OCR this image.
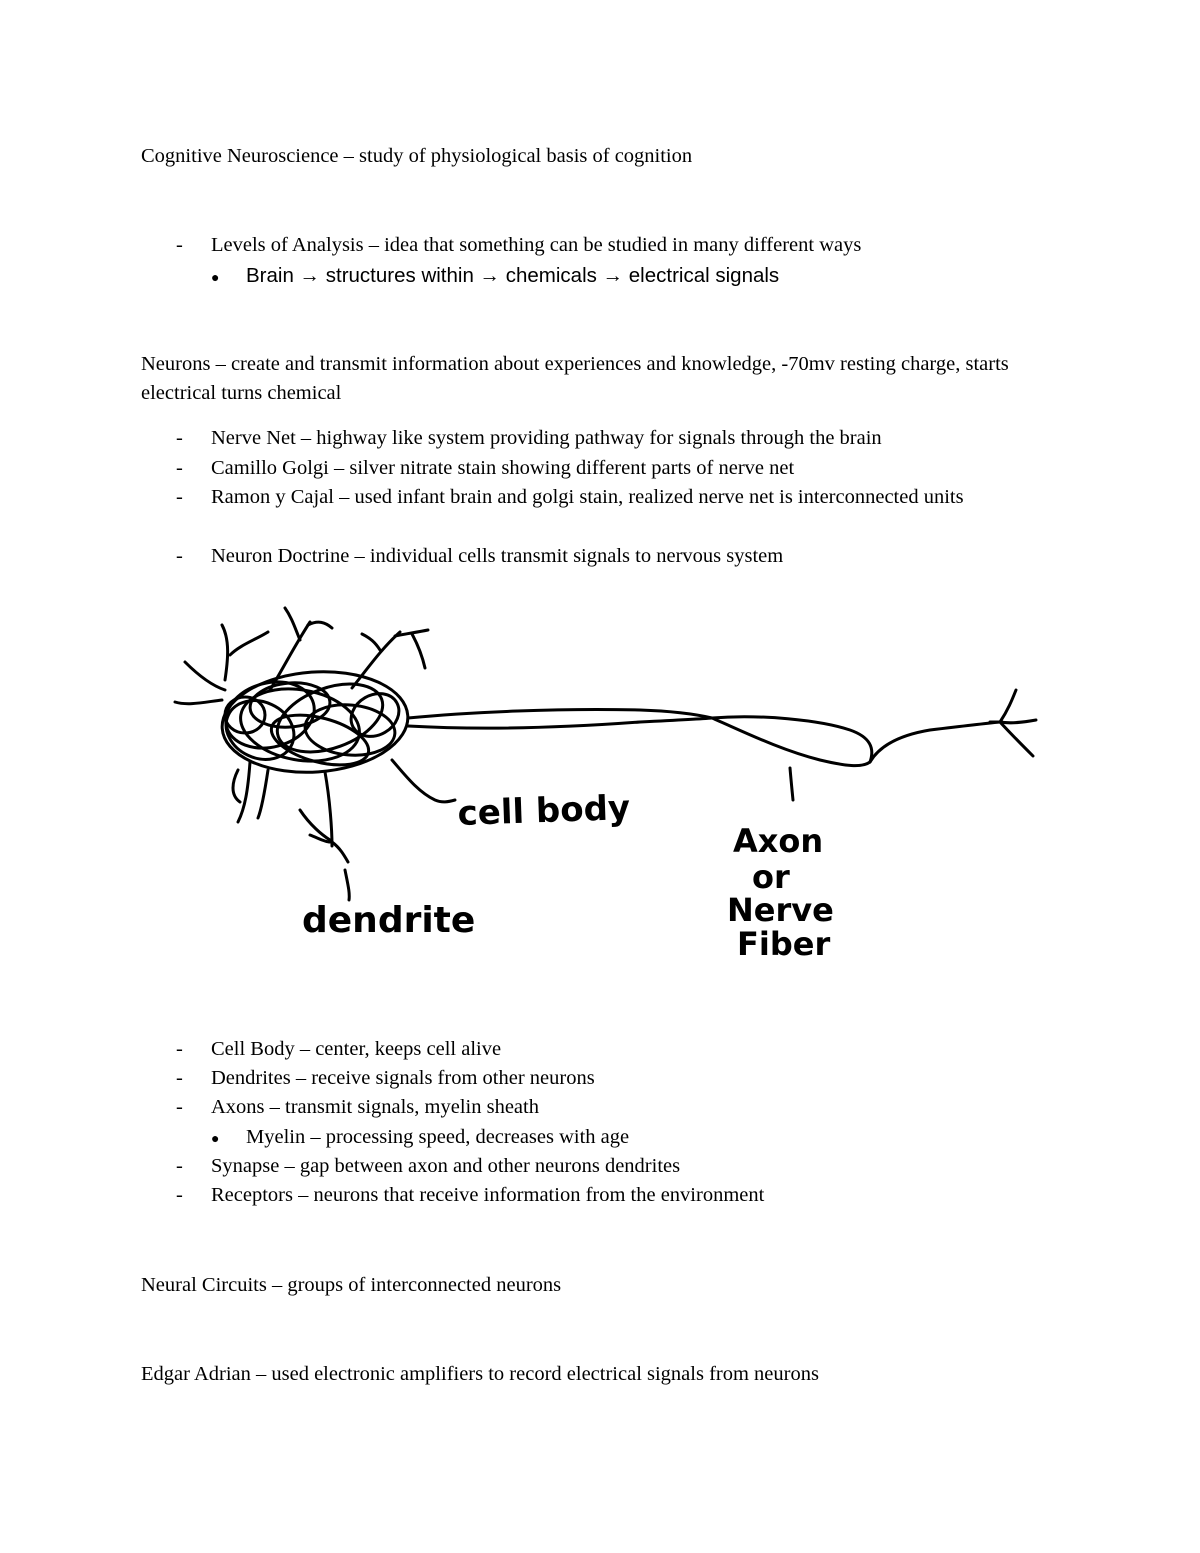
Cognitive Neuroscience – study of physiological basis of cognition
- Levels of Analysis – idea that something can be studied in many different ways
● Brain → structures within → chemicals → electrical signals
Neurons – create and transmit information about experiences and knowledge, -70mv resting charge, starts electrical turns chemical
- Nerve Net – highway like system providing pathway for signals through the brain
- Camillo Golgi – silver nitrate stain showing different parts of nerve net
- Ramon y Cajal – used infant brain and golgi stain, realized nerve net is interconnected units
- Neuron Doctrine – individual cells transmit signals to nervous system
cell body
Axon
or
Nerve
Fiber
dendrite
- Cell Body – center, keeps cell alive
- Dendrites – receive signals from other neurons
- Axons – transmit signals, myelin sheath
● Myelin – processing speed, decreases with age
- Synapse – gap between axon and other neurons dendrites
- Receptors – neurons that receive information from the environment
Neural Circuits – groups of interconnected neurons
Edgar Adrian – used electronic amplifiers to record electrical signals from neurons
